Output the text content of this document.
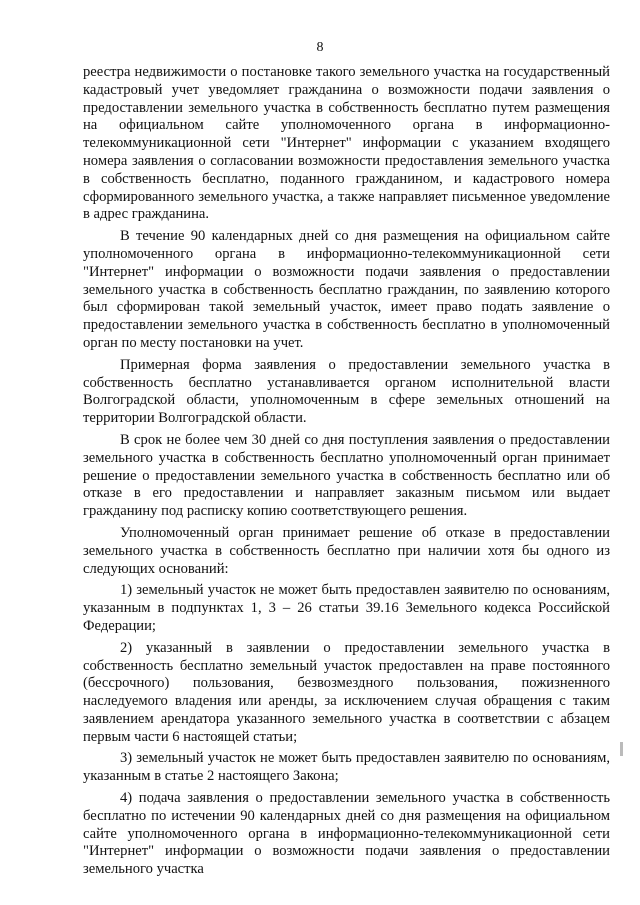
8

реестра недвижимости о постановке такого земельного участка на государственный кадастровый учет уведомляет гражданина о возможности подачи заявления о предоставлении земельного участка в собственность бесплатно путем размещения на официальном сайте уполномоченного органа в информационно-телекоммуникационной сети "Интернет" информации с указанием входящего номера заявления о согласовании возможности предоставления земельного участка в собственность бесплатно, поданного гражданином, и кадастрового номера сформированного земельного участка, а также направляет письменное уведомление в адрес гражданина.

В течение 90 календарных дней со дня размещения на официальном сайте уполномоченного органа в информационно-телекоммуникационной сети "Интернет" информации о возможности подачи заявления о предоставлении земельного участка в собственность бесплатно гражданин, по заявлению которого был сформирован такой земельный участок, имеет право подать заявление о предоставлении земельного участка в собственность бесплатно в уполномоченный орган по месту постановки на учет.

Примерная форма заявления о предоставлении земельного участка в собственность бесплатно устанавливается органом исполнительной власти Волгоградской области, уполномоченным в сфере земельных отношений на территории Волгоградской области.

В срок не более чем 30 дней со дня поступления заявления о предоставлении земельного участка в собственность бесплатно уполномоченный орган принимает решение о предоставлении земельного участка в собственность бесплатно или об отказе в его предоставлении и направляет заказным письмом или выдает гражданину под расписку копию соответствующего решения.

Уполномоченный орган принимает решение об отказе в предоставлении земельного участка в собственность бесплатно при наличии хотя бы одного из следующих оснований:

1) земельный участок не может быть предоставлен заявителю по основаниям, указанным в подпунктах 1, 3 – 26 статьи 39.16 Земельного кодекса Российской Федерации;

2) указанный в заявлении о предоставлении земельного участка в собственность бесплатно земельный участок предоставлен на праве постоянного (бессрочного) пользования, безвозмездного пользования, пожизненного наследуемого владения или аренды, за исключением случая обращения с таким заявлением арендатора указанного земельного участка в соответствии с абзацем первым части 6 настоящей статьи;

3) земельный участок не может быть предоставлен заявителю по основаниям, указанным в статье 2 настоящего Закона;

4) подача заявления о предоставлении земельного участка в собственность бесплатно по истечении 90 календарных дней со дня размещения на официальном сайте уполномоченного органа в информационно-телекоммуникационной сети "Интернет" информации о возможности подачи заявления о предоставлении земельного участка
